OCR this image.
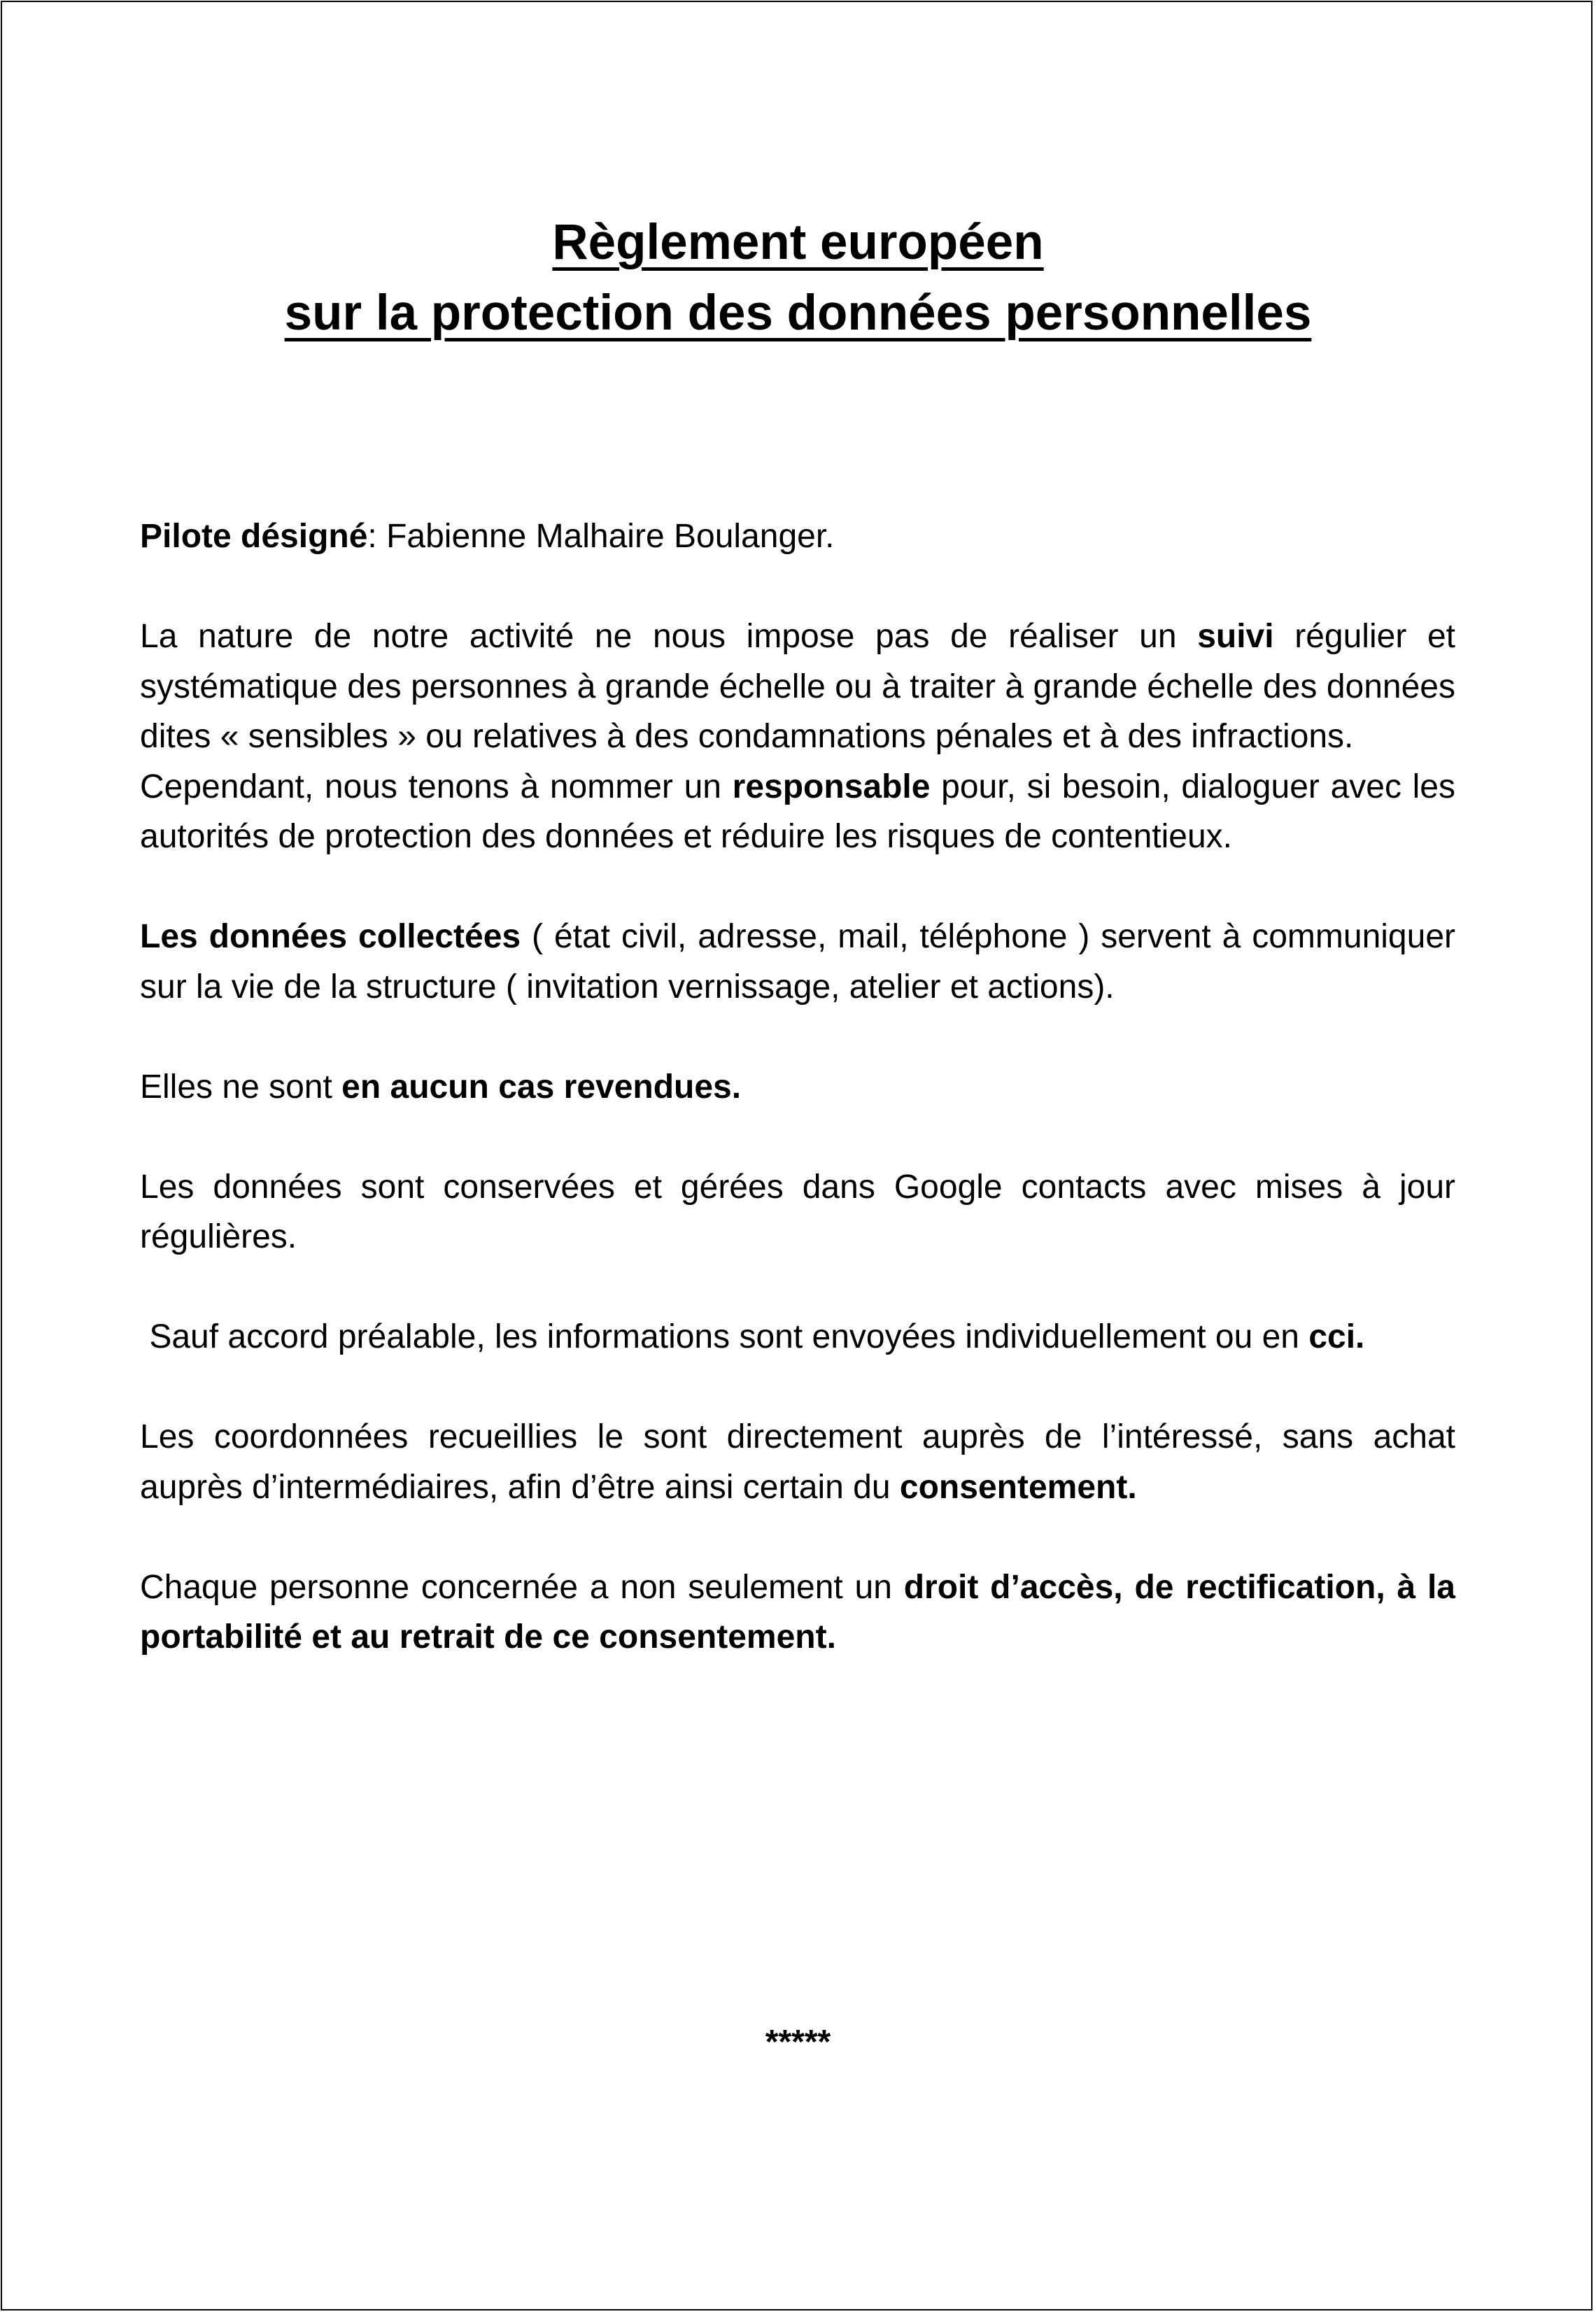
Règlement européen
sur la protection des données personnelles

Pilote désigné: Fabienne Malhaire Boulanger.

La nature de notre activité ne nous impose pas de réaliser un suivi régulier et systématique des personnes à grande échelle ou à traiter à grande échelle des données dites « sensibles » ou relatives à des condamnations pénales et à des infractions.

Cependant, nous tenons à nommer un responsable pour, si besoin, dialoguer avec les autorités de protection des données et réduire les risques de contentieux.

Les données collectées ( état civil, adresse, mail, téléphone ) servent à communiquer sur la vie de la structure ( invitation vernissage, atelier et actions).

Elles ne sont en aucun cas revendues.

Les données sont conservées et gérées dans Google contacts avec mises à jour régulières.

Sauf accord préalable, les informations sont envoyées individuellement ou en cci.

Les coordonnées recueillies le sont directement auprès de l’intéressé, sans achat auprès d’intermédiaires, afin d’être ainsi certain du consentement.

Chaque personne concernée a non seulement un droit d’accès, de rectification, à la portabilité et au retrait de ce consentement.

*****
